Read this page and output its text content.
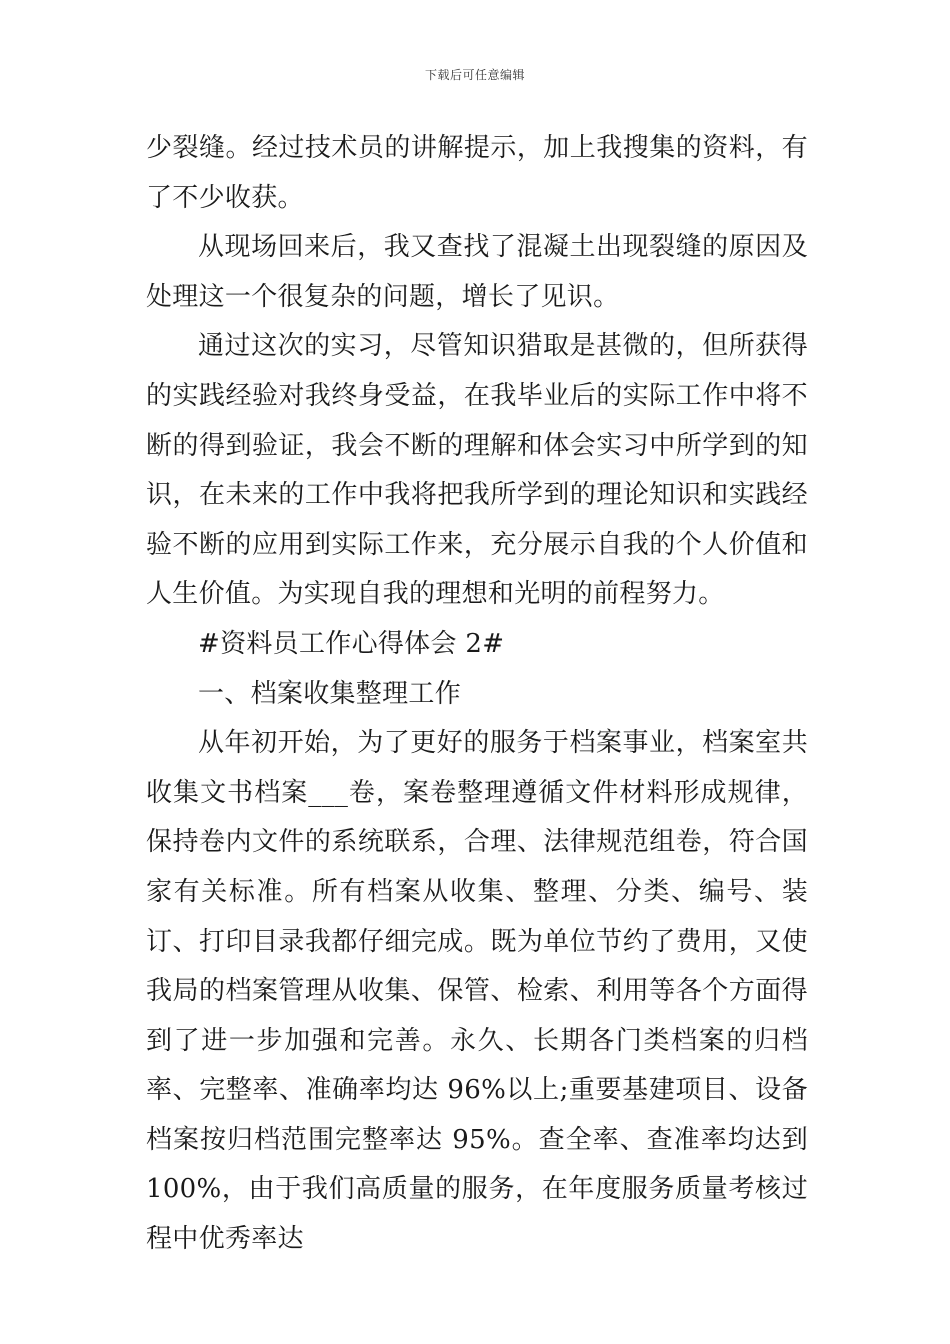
下载后可任意编辑

少裂缝。经过技术员的讲解提示，加上我搜集的资料，有了不少收获。

从现场回来后，我又查找了混凝土出现裂缝的原因及处理这一个很复杂的问题，增长了见识。

通过这次的实习，尽管知识猎取是甚微的，但所获得的实践经验对我终身受益，在我毕业后的实际工作中将不断的得到验证，我会不断的理解和体会实习中所学到的知识，在未来的工作中我将把我所学到的理论知识和实践经验不断的应用到实际工作来，充分展示自我的个人价值和人生价值。为实现自我的理想和光明的前程努力。

#资料员工作心得体会 2#

一、档案收集整理工作

从年初开始，为了更好的服务于档案事业，档案室共收集文书档案___卷，案卷整理遵循文件材料形成规律，保持卷内文件的系统联系，合理、法律规范组卷，符合国家有关标准。所有档案从收集、整理、分类、编号、装订、打印目录我都仔细完成。既为单位节约了费用，又使我局的档案管理从收集、保管、检索、利用等各个方面得到了进一步加强和完善。永久、长期各门类档案的归档率、完整率、准确率均达 96%以上;重要基建项目、设备档案按归档范围完整率达 95%。查全率、查准率均达到 100%，由于我们高质量的服务，在年度服务质量考核过程中优秀率达
